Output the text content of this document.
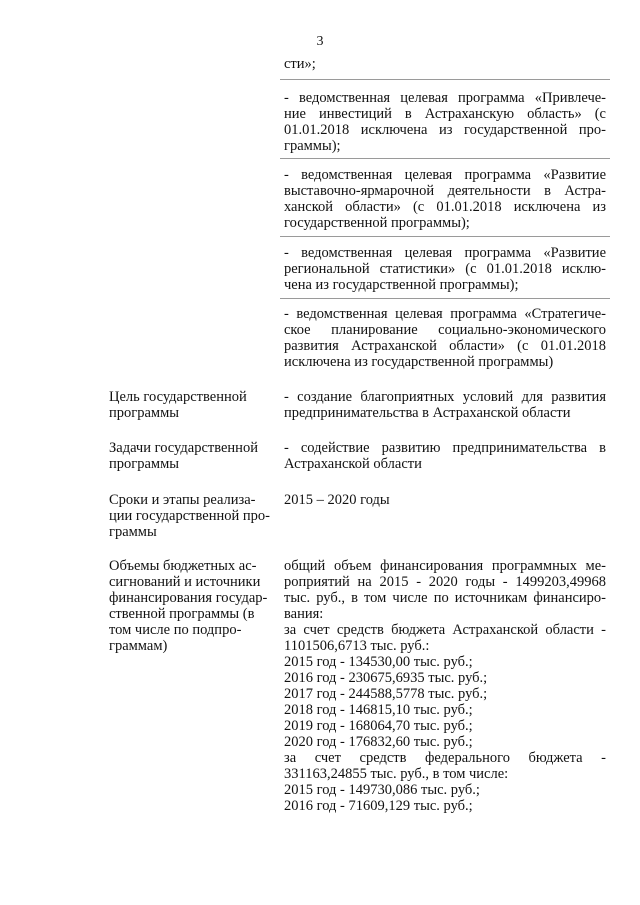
3
сти»;
- ведомственная целевая программа «Привлече-
ние инвестиций в Астраханскую область» (с
01.01.2018 исключена из государственной про-
граммы);
- ведомственная целевая программа «Развитие
выставочно-ярмарочной деятельности в Астра-
ханской области» (с 01.01.2018 исключена из
государственной программы);
- ведомственная целевая программа «Развитие
региональной статистики» (с 01.01.2018 исклю-
чена из государственной программы);
- ведомственная целевая программа «Стратегиче-
ское планирование социально-экономического
развития Астраханской области» (с 01.01.2018
исключена из государственной программы)
Цель государственной
программы
- создание благоприятных условий для развития
предпринимательства в Астраханской области
Задачи государственной
программы
- содействие развитию предпринимательства в
Астраханской области
Сроки и этапы реализа-
ции государственной про-
граммы
2015 – 2020 годы
Объемы бюджетных ас-
сигнований и источники
финансирования государ-
ственной программы (в
том числе по подпро-
граммам)
общий объем финансирования программных ме-
роприятий на 2015 - 2020 годы - 1499203,49968
тыс. руб., в том числе по источникам финансиро-
вания:
за счет средств бюджета Астраханской области -
1101506,6713 тыс. руб.:
2015 год - 134530,00 тыс. руб.;
2016 год - 230675,6935 тыс. руб.;
2017 год - 244588,5778 тыс. руб.;
2018 год - 146815,10 тыс. руб.;
2019 год - 168064,70 тыс. руб.;
2020 год - 176832,60 тыс. руб.;
за счет средств федерального бюджета -
331163,24855 тыс. руб., в том числе:
2015 год - 149730,086 тыс. руб.;
2016 год - 71609,129 тыс. руб.;
